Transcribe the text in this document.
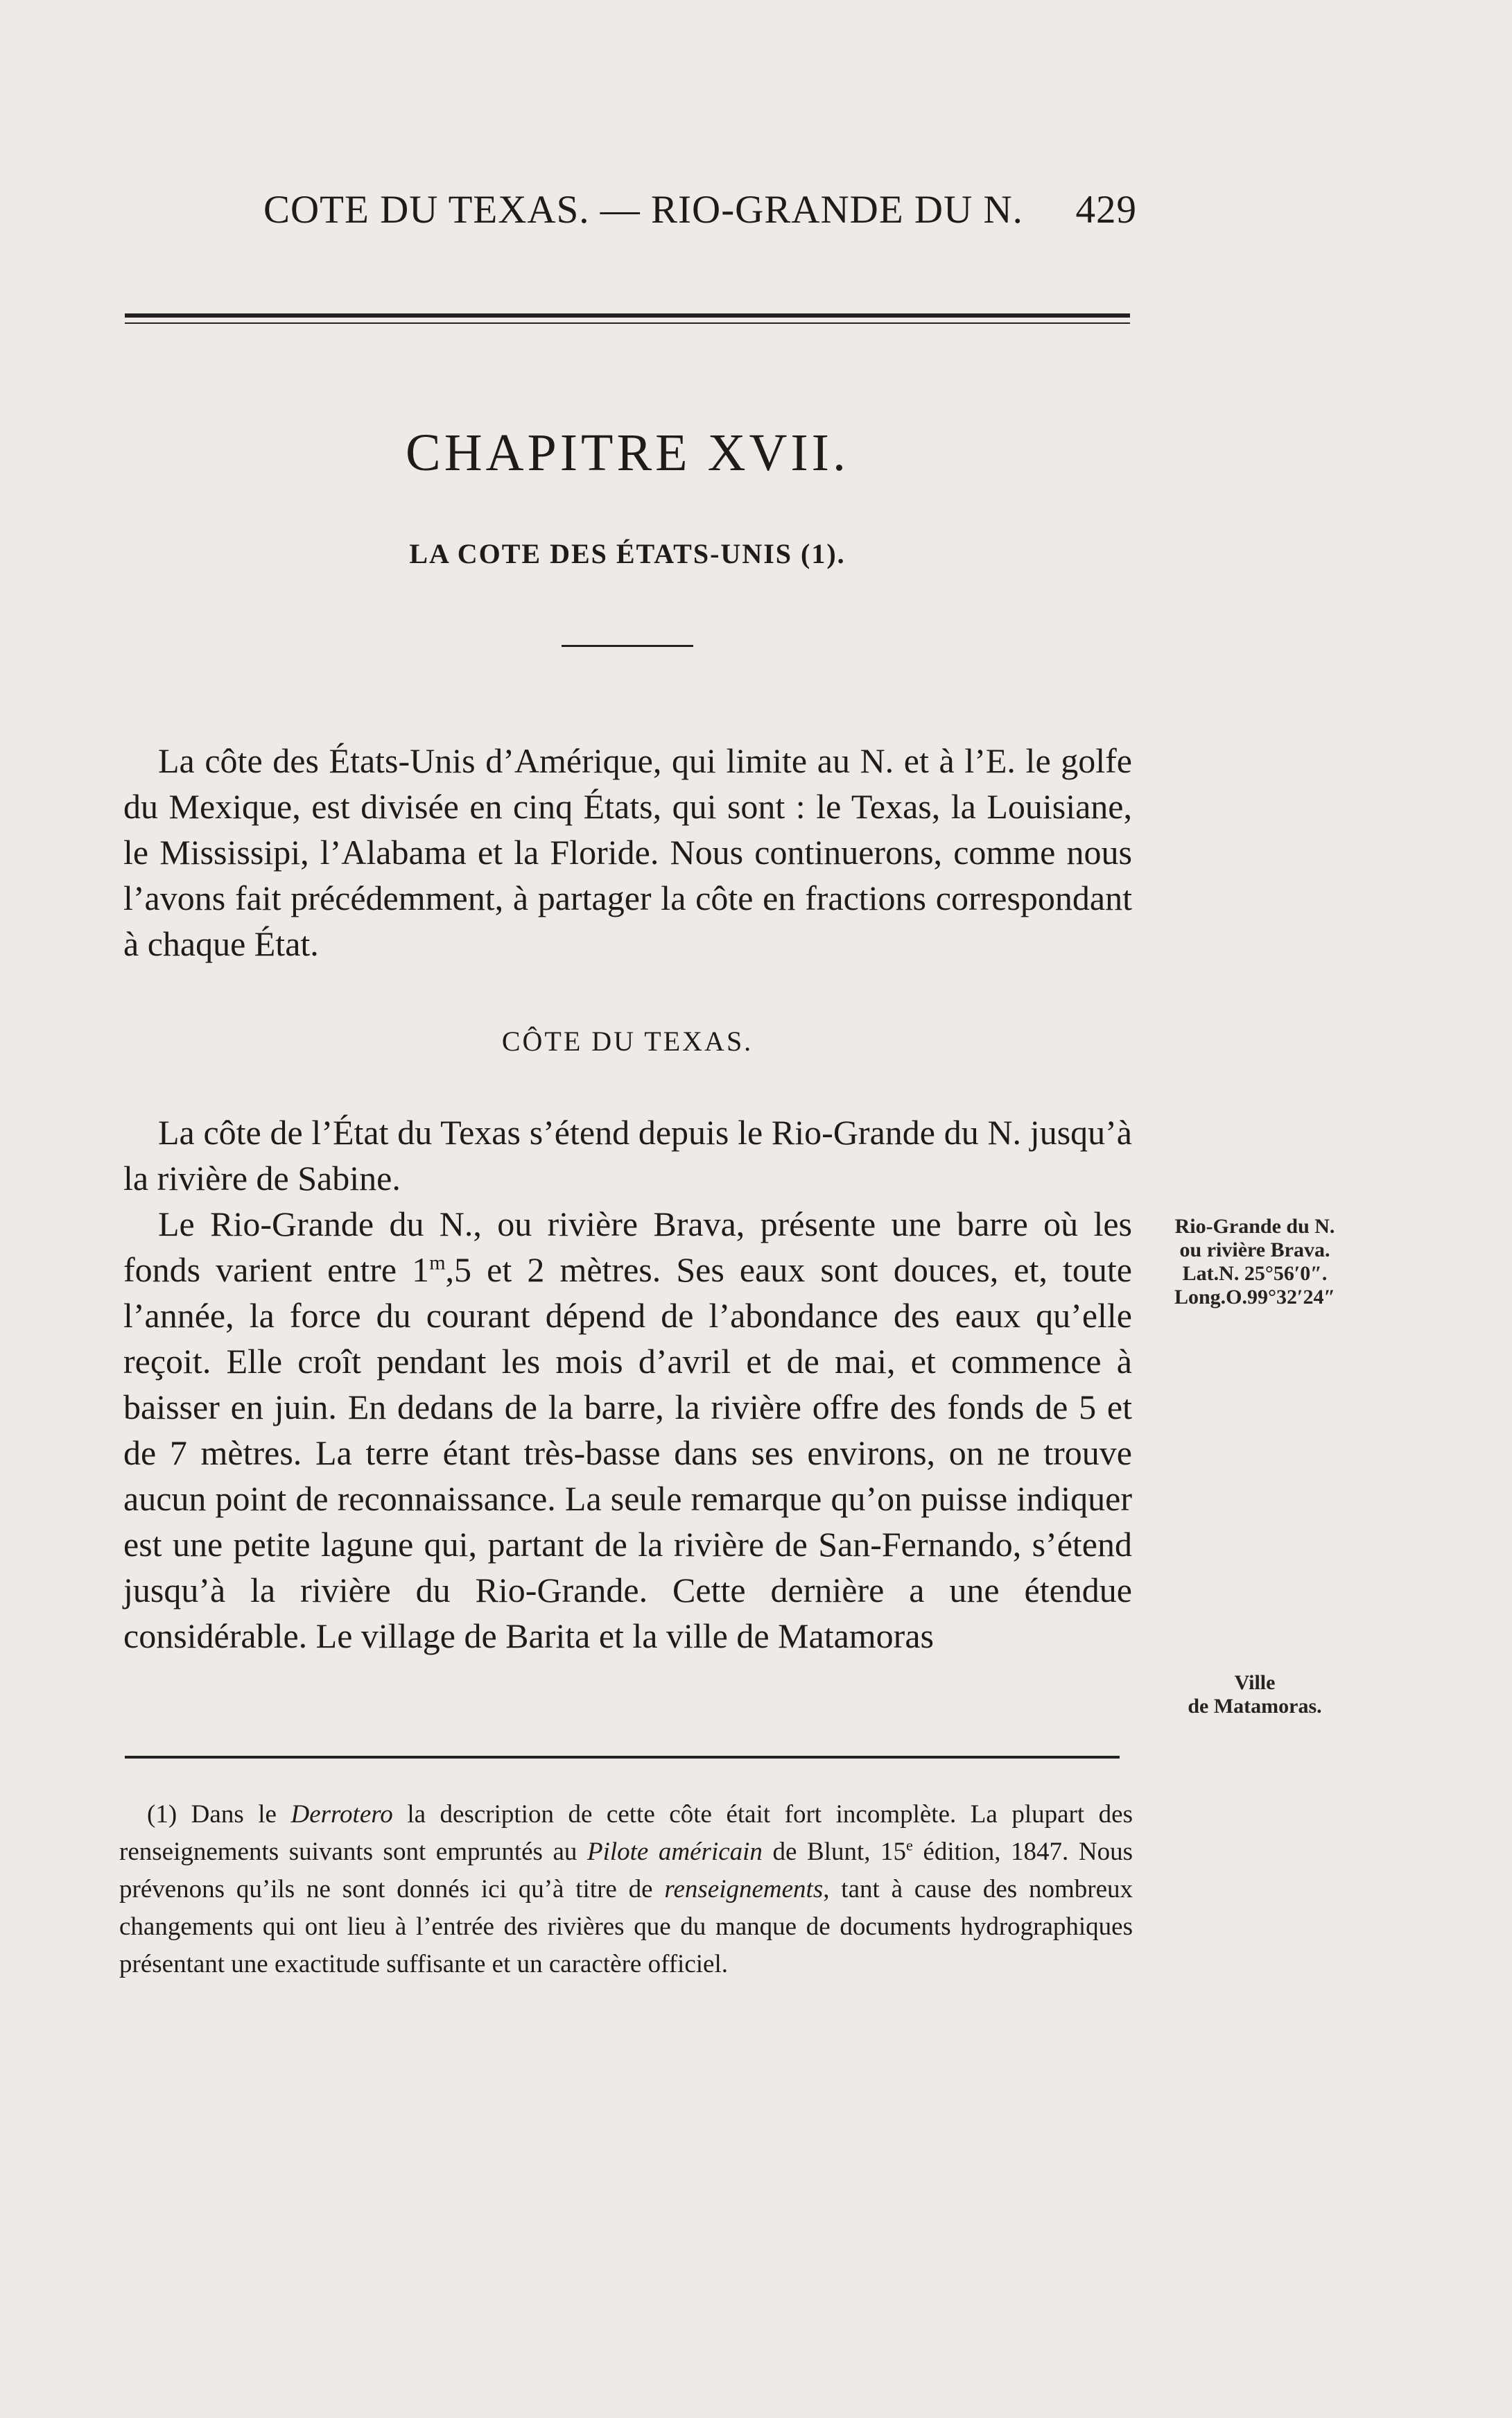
COTE DU TEXAS. — RIO-GRANDE DU N. 429
CHAPITRE XVII.
LA COTE DES ÉTATS-UNIS (1).

La côte des États-Unis d’Amérique, qui limite au N. et à l’E. le golfe du Mexique, est divisée en cinq États, qui sont : le Texas, la Louisiane, le Mississipi, l’Alabama et la Floride. Nous continuerons, comme nous l’avons fait précédemment, à partager la côte en fractions correspondant à chaque État.

CÔTE DU TEXAS.

La côte de l’État du Texas s’étend depuis le Rio-Grande du N. jusqu’à la rivière de Sabine.

Le Rio-Grande du N., ou rivière Brava, présente une barre où les fonds varient entre 1$^m$,5 et 2 mètres. Ses eaux sont douces, et, toute l’année, la force du courant dépend de l’abondance des eaux qu’elle reçoit. Elle croît pendant les mois d’avril et de mai, et commence à baisser en juin. En dedans de la barre, la rivière offre des fonds de 5 et de 7 mètres. La terre étant très-basse dans ses environs, on ne trouve aucun point de reconnaissance. La seule remarque qu’on puisse indiquer est une petite lagune qui, partant de la rivière de San-Fernando, s’étend jusqu’à la rivière du Rio-Grande. Cette dernière a une étendue considérable. Le village de Barita et la ville de Matamoras

Rio-Grande du N.
ou rivière Brava.
Lat.N. 25°56′0″.
Long.O.99°32′24″
Ville
de Matamoras.

(1) Dans le Derrotero la description de cette côte était fort incomplète. La plupart des renseignements suivants sont empruntés au Pilote américain de Blunt, 15e édition, 1847. Nous prévenons qu’ils ne sont donnés ici qu’à titre de renseignements, tant à cause des nombreux changements qui ont lieu à l’entrée des rivières que du manque de documents hydrographiques présentant une exactitude suffisante et un caractère officiel.
